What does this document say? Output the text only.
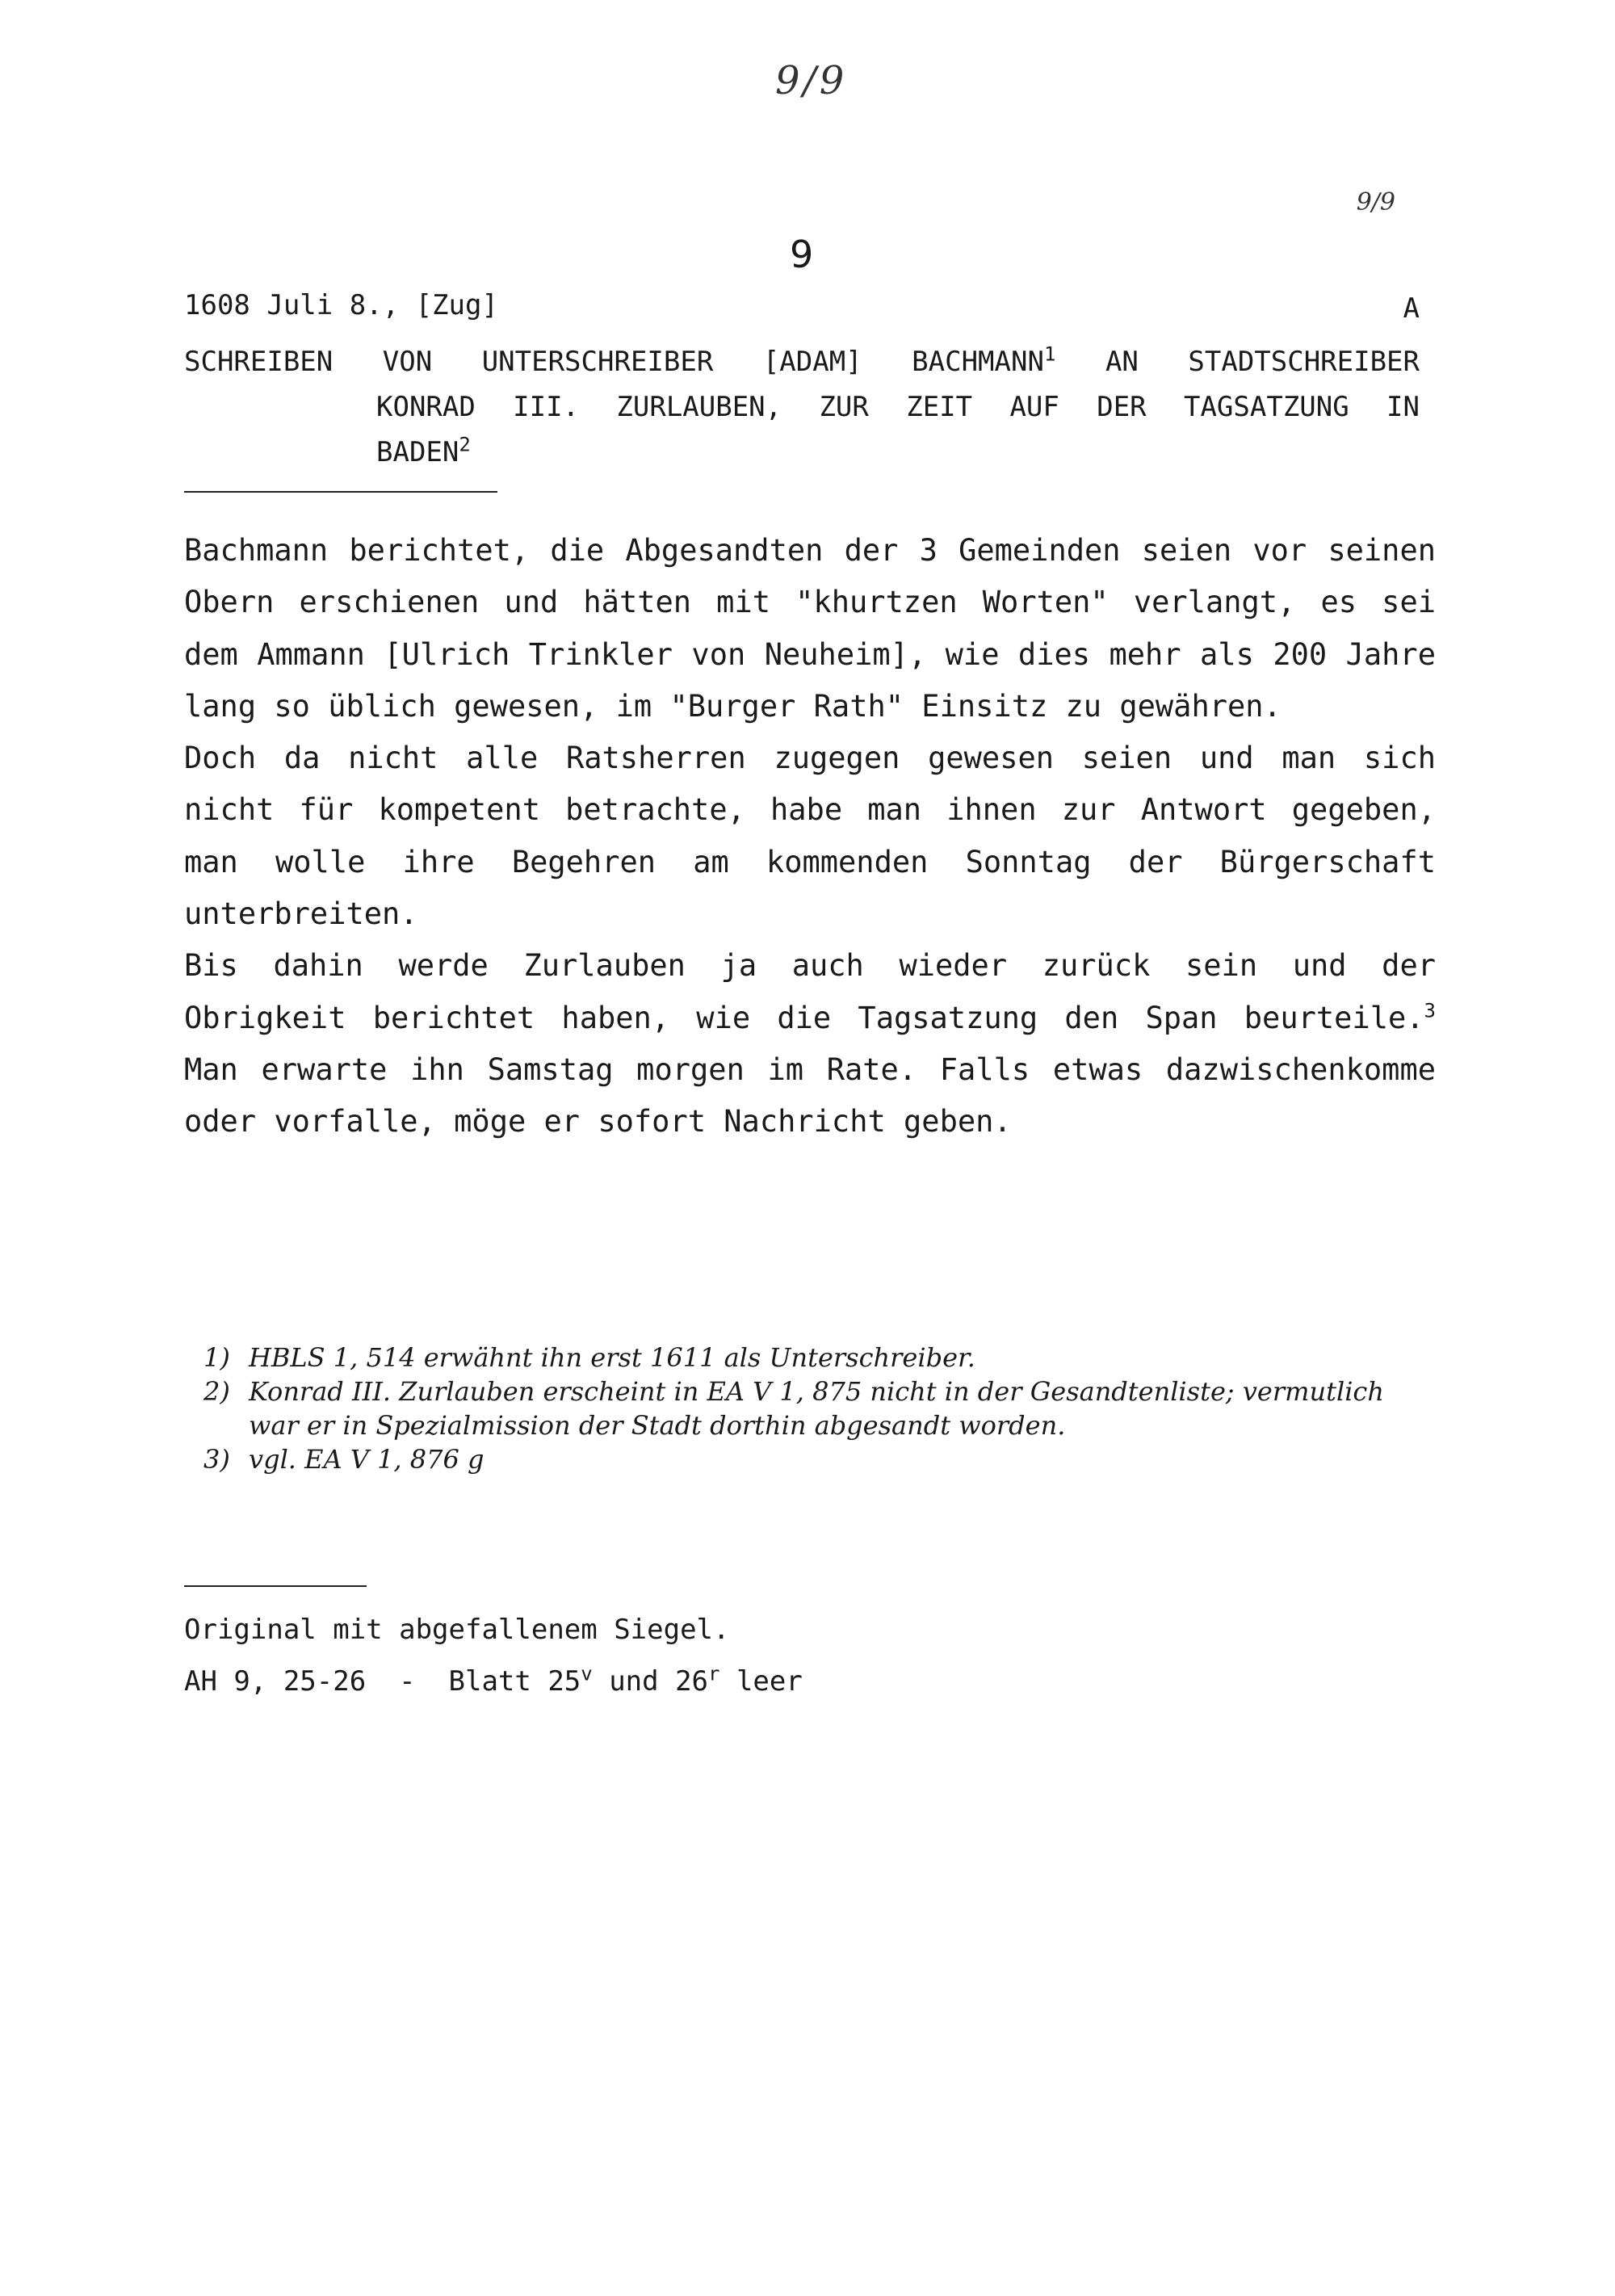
9/9
9/9
9
1608 Juli 8., [Zug]	A
SCHREIBEN VON UNTERSCHREIBER [ADAM] BACHMANN$^1$ AN STADTSCHREIBER
KONRAD III. ZURLAUBEN, ZUR ZEIT AUF DER TAGSATZUNG IN
BADEN$^2$

Bachmann berichtet, die Abgesandten der 3 Gemeinden seien vor seinen Obern erschienen und hätten mit "khurtzen Worten" verlangt, es sei dem Ammann [Ulrich Trinkler von Neuheim], wie dies mehr als 200 Jahre lang so üblich gewesen, im "Burger Rath" Einsitz zu gewähren.

Doch da nicht alle Ratsherren zugegen gewesen seien und man sich nicht für kompetent betrachte, habe man ihnen zur Antwort gegeben, man wolle ihre Begehren am kommenden Sonntag der Bürgerschaft unterbreiten.

Bis dahin werde Zurlauben ja auch wieder zurück sein und der Obrigkeit berichtet haben, wie die Tagsatzung den Span beurteile.$^3$ Man erwarte ihn Samstag morgen im Rate. Falls etwas dazwischenkomme oder vorfalle, möge er sofort Nachricht geben.

1) HBLS 1, 514 erwähnt ihn erst 1611 als Unterschreiber.
2) Konrad III. Zurlauben erscheint in EA V 1, 875 nicht in der Gesandtenliste; vermutlich war er in Spezialmission der Stadt dorthin abgesandt worden.
3) vgl. EA V 1, 876 g
Original mit abgefallenem Siegel.
AH 9, 25-26  -  Blatt 25$^v$ und 26$^r$ leer
